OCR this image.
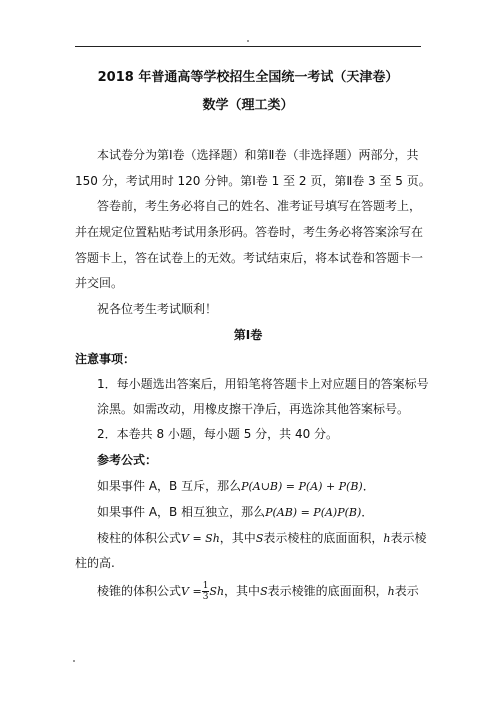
2018 年普通高等学校招生全国统一考试（天津卷）
数学（理工类）
本试卷分为第Ⅰ卷（选择题）和第Ⅱ卷（非选择题）两部分，共
150 分，考试用时 120 分钟。第Ⅰ卷 1 至 2 页，第Ⅱ卷 3 至 5 页。
答卷前，考生务必将自己的姓名、准考证号填写在答题考上，
并在规定位置粘贴考试用条形码。答卷时，考生务必将答案涂写在
答题卡上，答在试卷上的无效。考试结束后，将本试卷和答题卡一
并交回。
祝各位考生考试顺利！
第Ⅰ卷
注意事项：
1．每小题选出答案后，用铅笔将答题卡上对应题目的答案标号
涂黑。如需改动，用橡皮擦干净后，再选涂其他答案标号。
2．本卷共 8 小题，每小题 5 分，共 40 分。
参考公式：
如果事件 A，B 互斥，那么P(A∪B) = P(A) + P(B)．
如果事件 A，B 相互独立，那么P(AB) = P(A)P(B)．
棱柱的体积公式V = Sh，其中S表示棱柱的底面面积，h表示棱
柱的高.
棱锥的体积公式$V = \frac{1}{3}$ Sh，其中S表示棱锥的底面面积，h表示
